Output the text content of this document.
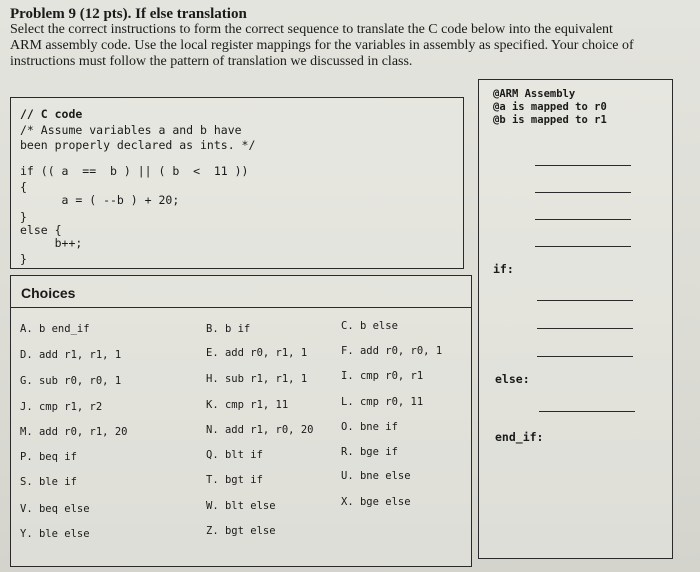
Problem 9 (12 pts). If else translation
Select the correct instructions to form the correct sequence to translate the C code below into the equivalent
ARM assembly code. Use the local register mappings for the variables in assembly as specified. Your choice of
instructions must follow the pattern of translation we discussed in class.
// C code
/* Assume variables a and b have
been properly declared as ints. */
if (( a  ==  b ) || ( b  <  11 ))
{
a = ( --b ) + 20;
}
else {
b++;
}
Choices
A. b end_if	B. b if	C. b else
D. add r1, r1, 1	E. add r0, r1, 1	F. add r0, r0, 1
G. sub r0, r0, 1	H. sub r1, r1, 1	I. cmp r0, r1
J. cmp r1, r2	K. cmp r1, 11	L. cmp r0, 11
M. add r0, r1, 20	N. add r1, r0, 20	O. bne if
P. beq if	Q. blt if	R. bge if
S. ble if	T. bgt if	U. bne else
V. beq else	W. blt else	X. bge else
Y. ble else	Z. bgt else
@ARM Assembly
@a is mapped to r0
@b is mapped to r1
if:
else:
end_if:
